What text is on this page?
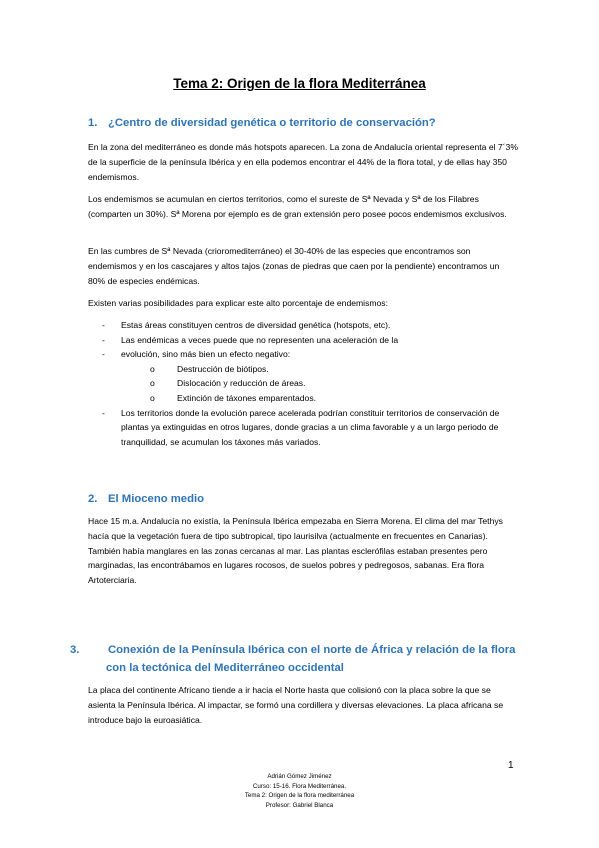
Tema 2: Origen de la flora Mediterránea
1. ¿Centro de diversidad genética o territorio de conservación?
En la zona del mediterráneo es donde más hotspots aparecen. La zona de Andalucía oriental representa el 7´3% de la superficie de la península Ibérica y en ella podemos encontrar el 44% de la flora total, y de ellas hay 350 endemismos.
Los endemismos se acumulan en ciertos territorios, como el sureste de Sª Nevada y Sª de los Filabres (comparten un 30%). Sª Morena por ejemplo es de gran extensión pero posee pocos endemismos exclusivos.
En las cumbres de Sª Nevada (crioromediterráneo) el 30-40% de las especies que encontramos son endemismos y en los cascajares y altos tajos (zonas de piedras que caen por la pendiente) encontramos un 80% de especies endémicas.
Existen varias posibilidades para explicar este alto porcentaje de endemismos:
- Estas áreas constituyen centros de diversidad genética (hotspots, etc).
- Las endémicas a veces puede que no representen una aceleración de la
- evolución, sino más bien un efecto negativo:
o	Destrucción de biótipos.
o	Dislocación y reducción de áreas.
o	Extinción de táxones emparentados.
- Los territorios donde la evolución parece acelerada podrían constituir territorios de conservación de plantas ya extinguidas en otros lugares, donde gracias a un clima favorable y a un largo periodo de tranquilidad, se acumulan los táxones más variados.
2. El Mioceno medio
Hace 15 m.a. Andalucía no existía, la Península Ibérica empezaba en Sierra Morena. El clima del mar Tethys hacía que la vegetación fuera de tipo subtropical, tipo laurisilva (actualmente en frecuentes en Canarias). También había manglares en las zonas cercanas al mar. Las plantas esclerófilas estaban presentes pero marginadas, las encontrábamos en lugares rocosos, de suelos pobres y pedregosos, sabanas. Era flora Artoterciaria.
3.	Conexión de la Península Ibérica con el norte de África y relación de la flora con la tectónica del Mediterráneo occidental
La placa del continente Africano tiende a ir hacia el Norte hasta que colisionó con la placa sobre la que se asienta la Península Ibérica. Al impactar, se formó una cordillera y diversas elevaciones. La placa africana se introduce bajo la euroasiática.
1
Adrián Gómez Jiménez
Curso: 15-16. Flora Mediterránea.
Tema 2: Origen de la flora mediterránea
Profesor: Gabriel Blanca
